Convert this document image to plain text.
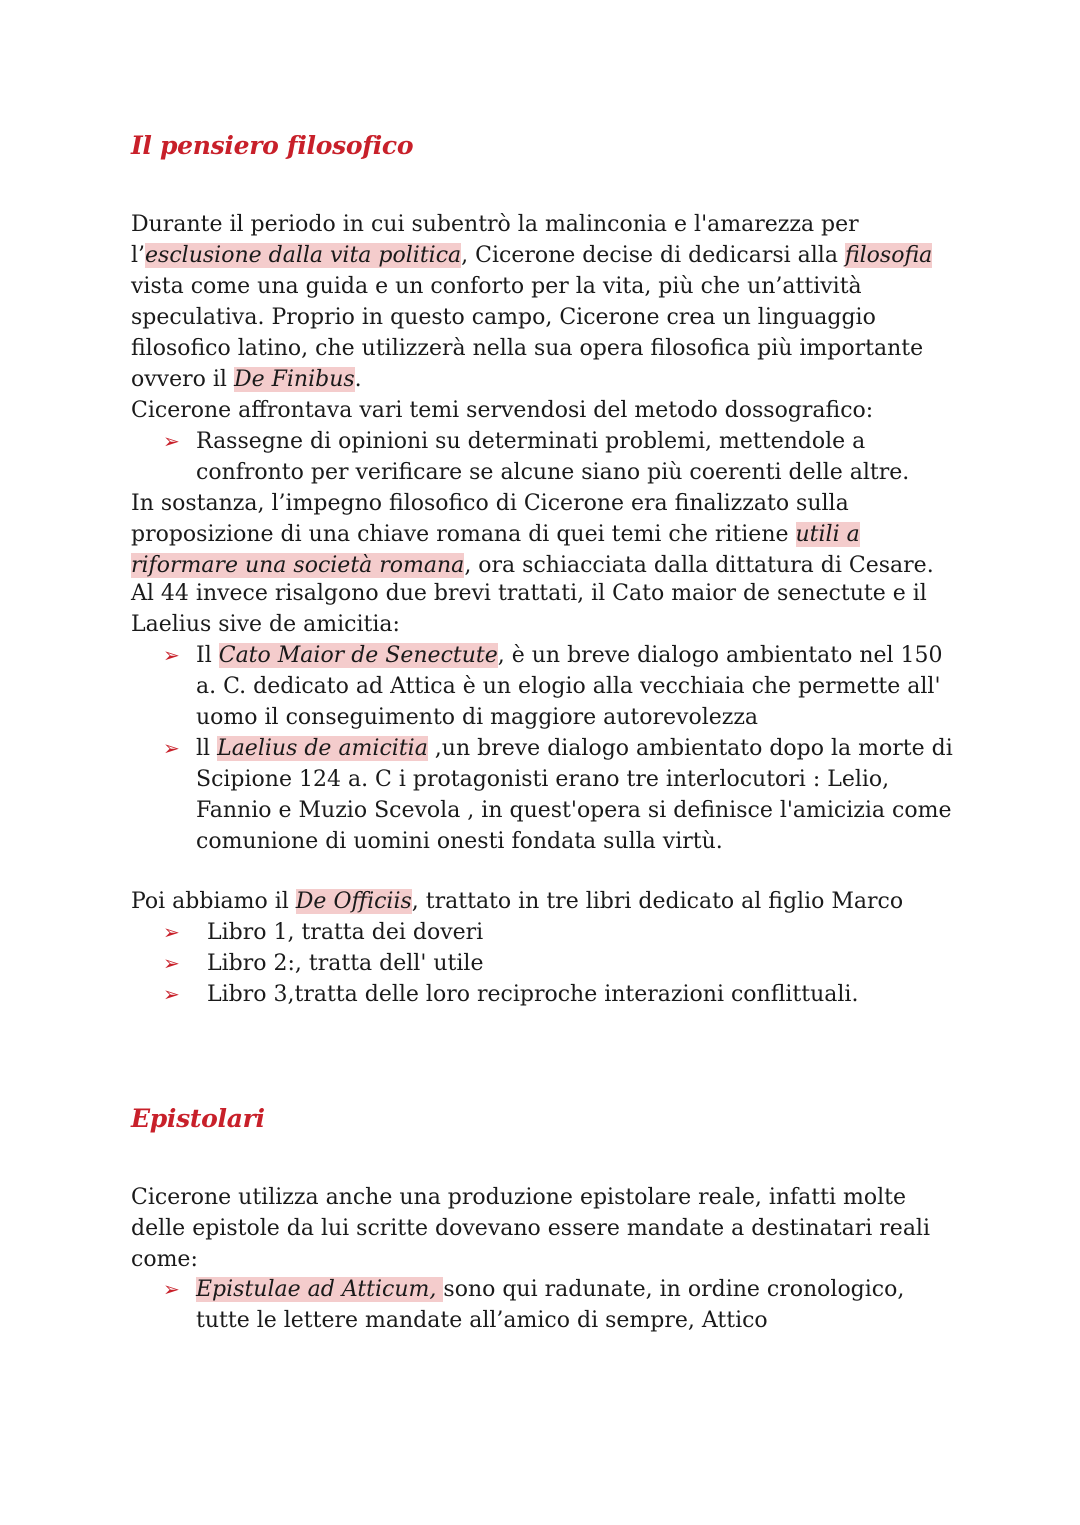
Il pensiero filosofico

Durante il periodo in cui subentrò la malinconia e l'amarezza per l’esclusione dalla vita politica, Cicerone decise di dedicarsi alla filosofia vista come una guida e un conforto per la vita, più che un’attività speculativa. Proprio in questo campo, Cicerone crea un linguaggio filosofico latino, che utilizzerà nella sua opera filosofica più importante ovvero il De Finibus.

Cicerone affrontava vari temi servendosi del metodo dossografico:

➢ Rassegne di opinioni su determinati problemi, mettendole a confronto per verificare se alcune siano più coerenti delle altre.

In sostanza, l’impegno filosofico di Cicerone era finalizzato sulla proposizione di una chiave romana di quei temi che ritiene utili a riformare una società romana, ora schiacciata dalla dittatura di Cesare.

Al 44 invece risalgono due brevi trattati, il Cato maior de senectute e il Laelius sive de amicitia:

➢ Il Cato Maior de Senectute, è un breve dialogo ambientato nel 150 a. C. dedicato ad Attica è un elogio alla vecchiaia che permette all' uomo il conseguimento di maggiore autorevolezza
➢ ll Laelius de amicitia ,un breve dialogo ambientato dopo la morte di Scipione 124 a. C i protagonisti erano tre interlocutori : Lelio, Fannio e Muzio Scevola , in quest'opera si definisce l'amicizia come comunione di uomini onesti fondata sulla virtù.

Poi abbiamo il De Officiis, trattato in tre libri dedicato al figlio Marco

➢ Libro 1, tratta dei doveri
➢ Libro 2:, tratta dell' utile
➢ Libro 3,tratta delle loro reciproche interazioni conflittuali.
Epistolari

Cicerone utilizza anche una produzione epistolare reale, infatti molte delle epistole da lui scritte dovevano essere mandate a destinatari reali come:

➢ Epistulae ad Atticum, sono qui radunate, in ordine cronologico, tutte le lettere mandate all’amico di sempre, Attico
